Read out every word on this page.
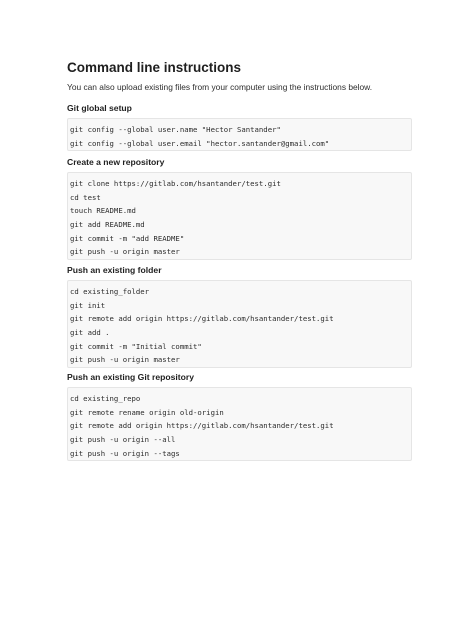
Command line instructions
You can also upload existing files from your computer using the instructions below.
Git global setup
git config --global user.name "Hector Santander"
git config --global user.email "hector.santander@gmail.com"
Create a new repository
git clone https://gitlab.com/hsantander/test.git
cd test
touch README.md
git add README.md
git commit -m "add README"
git push -u origin master
Push an existing folder
cd existing_folder
git init
git remote add origin https://gitlab.com/hsantander/test.git
git add .
git commit -m "Initial commit"
git push -u origin master
Push an existing Git repository
cd existing_repo
git remote rename origin old-origin
git remote add origin https://gitlab.com/hsantander/test.git
git push -u origin --all
git push -u origin --tags
